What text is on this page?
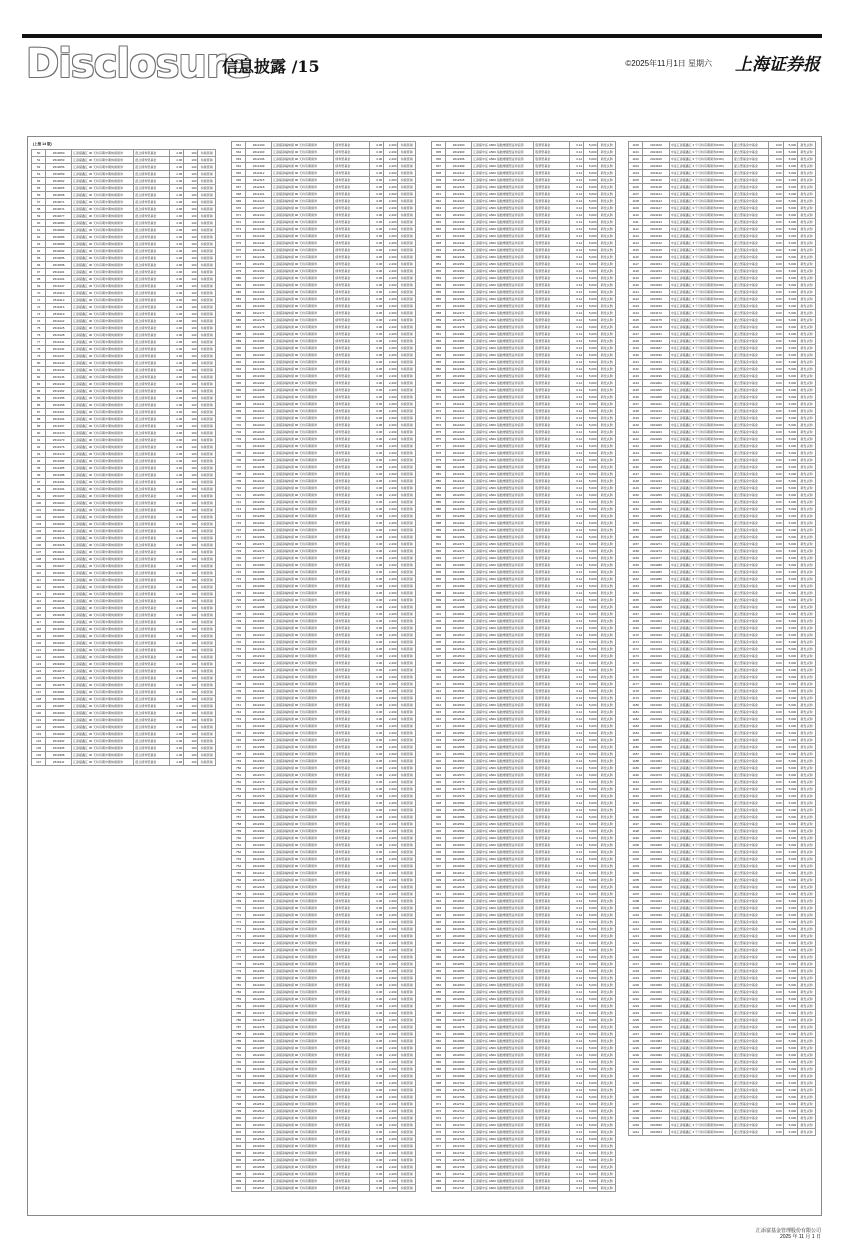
Disclosure
信息披露 /15	©2025年11月1日 星期六 上海证券报
(上接 14 版)
50	2519050	汇添富鑫汇 30 天持有期中期纯债债券	混合债券型基金	2.06	100	持续营销
51	2519053	汇添富鑫汇 30 天持有期中期纯债债券	混合债券型基金	2.06	100	持续营销
52	2519056	汇添富鑫汇 30 天持有期中期纯债债券	混合债券型基金	2.06	100	持续营销
53	2519059	汇添富鑫汇 30 天持有期中期纯债债券	混合债券型基金	2.06	100	持续营销
54	2519062	汇添富鑫汇 30 天持有期中期纯债债券	混合债券型基金	2.06	100	持续营销
55	2519065	汇添富鑫汇 30 天持有期中期纯债债券	混合债券型基金	2.06	100	持续营销
56	2519068	汇添富鑫汇 30 天持有期中期纯债债券	混合债券型基金	2.06	100	持续营销
57	2519071	汇添富鑫汇 30 天持有期中期纯债债券	混合债券型基金	2.06	100	持续营销
58	2519074	汇添富鑫汇 30 天持有期中期纯债债券	混合债券型基金	2.06	100	持续营销
59	2519077	汇添富鑫汇 30 天持有期中期纯债债券	混合债券型基金	2.06	100	持续营销
60	2519080	汇添富鑫汇 30 天持有期中期纯债债券	混合债券型基金	2.06	100	持续营销
61	2519083	汇添富鑫汇 30 天持有期中期纯债债券	混合债券型基金	2.06	100	持续营销
62	2519086	汇添富鑫汇 30 天持有期中期纯债债券	混合债券型基金	2.06	100	持续营销
63	2519089	汇添富鑫汇 30 天持有期中期纯债债券	混合债券型基金	2.06	100	持续营销
64	2519092	汇添富鑫汇 30 天持有期中期纯债债券	混合债券型基金	2.06	100	持续营销
65	2519095	汇添富鑫汇 30 天持有期中期纯债债券	混合债券型基金	2.06	100	持续营销
66	2519098	汇添富鑫汇 30 天持有期中期纯债债券	混合债券型基金	2.06	100	持续营销
67	2519101	汇添富鑫汇 30 天持有期中期纯债债券	混合债券型基金	2.06	100	持续营销
68	2519104	汇添富鑫汇 30 天持有期中期纯债债券	混合债券型基金	2.06	100	持续营销
69	2519107	汇添富鑫汇 30 天持有期中期纯债债券	混合债券型基金	2.06	100	持续营销
70	2519110	汇添富鑫汇 30 天持有期中期纯债债券	混合债券型基金	2.06	100	持续营销
71	2519113	汇添富鑫汇 30 天持有期中期纯债债券	混合债券型基金	2.06	100	持续营销
72	2519116	汇添富鑫汇 30 天持有期中期纯债债券	混合债券型基金	2.06	100	持续营销
73	2519119	汇添富鑫汇 30 天持有期中期纯债债券	混合债券型基金	2.06	100	持续营销
74	2519122	汇添富鑫汇 30 天持有期中期纯债债券	混合债券型基金	2.06	100	持续营销
75	2519125	汇添富鑫汇 30 天持有期中期纯债债券	混合债券型基金	2.06	100	持续营销
76	2519128	汇添富鑫汇 30 天持有期中期纯债债券	混合债券型基金	2.06	100	持续营销
77	2519131	汇添富鑫汇 30 天持有期中期纯债债券	混合债券型基金	2.06	100	持续营销
78	2519134	汇添富鑫汇 30 天持有期中期纯债债券	混合债券型基金	2.06	100	持续营销
79	2519137	汇添富鑫汇 30 天持有期中期纯债债券	混合债券型基金	2.06	100	持续营销
80	2519140	汇添富鑫汇 30 天持有期中期纯债债券	混合债券型基金	2.06	100	持续营销
81	2519143	汇添富鑫汇 30 天持有期中期纯债债券	混合债券型基金	2.06	100	持续营销
82	2519146	汇添富鑫汇 30 天持有期中期纯债债券	混合债券型基金	2.06	100	持续营销
83	2519149	汇添富鑫汇 30 天持有期中期纯债债券	混合债券型基金	2.06	100	持续营销
84	2519152	汇添富鑫汇 30 天持有期中期纯债债券	混合债券型基金	2.06	100	持续营销
85	2519155	汇添富鑫汇 30 天持有期中期纯债债券	混合债券型基金	2.06	100	持续营销
86	2519158	汇添富鑫汇 30 天持有期中期纯债债券	混合债券型基金	2.06	100	持续营销
87	2519161	汇添富鑫汇 30 天持有期中期纯债债券	混合债券型基金	2.06	100	持续营销
88	2519164	汇添富鑫汇 30 天持有期中期纯债债券	混合债券型基金	2.06	100	持续营销
89	2519167	汇添富鑫汇 30 天持有期中期纯债债券	混合债券型基金	2.06	100	持续营销
90	2519170	汇添富鑫汇 30 天持有期中期纯债债券	混合债券型基金	2.06	100	持续营销
91	2519173	汇添富鑫汇 30 天持有期中期纯债债券	混合债券型基金	2.06	100	持续营销
92	2519176	汇添富鑫汇 30 天持有期中期纯债债券	混合债券型基金	2.06	100	持续营销
93	2519179	汇添富鑫汇 30 天持有期中期纯债债券	混合债券型基金	2.06	100	持续营销
94	2519182	汇添富鑫汇 30 天持有期中期纯债债券	混合债券型基金	2.06	100	持续营销
95	2519185	汇添富鑫汇 30 天持有期中期纯债债券	混合债券型基金	2.06	100	持续营销
96	2519188	汇添富鑫汇 30 天持有期中期纯债债券	混合债券型基金	2.06	100	持续营销
97	2519191	汇添富鑫汇 30 天持有期中期纯债债券	混合债券型基金	2.06	100	持续营销
98	2519194	汇添富鑫汇 30 天持有期中期纯债债券	混合债券型基金	2.06	100	持续营销
99	2519197	汇添富鑫汇 30 天持有期中期纯债债券	混合债券型基金	2.06	100	持续营销
100	2519200	汇添富鑫汇 30 天持有期中期纯债债券	混合债券型基金	2.06	100	持续营销
101	2519203	汇添富鑫汇 30 天持有期中期纯债债券	混合债券型基金	2.06	100	持续营销
102	2519206	汇添富鑫汇 30 天持有期中期纯债债券	混合债券型基金	2.06	100	持续营销
103	2519209	汇添富鑫汇 30 天持有期中期纯债债券	混合债券型基金	2.06	100	持续营销
104	2519212	汇添富鑫汇 30 天持有期中期纯债债券	混合债券型基金	2.06	100	持续营销
105	2519215	汇添富鑫汇 30 天持有期中期纯债债券	混合债券型基金	2.06	100	持续营销
106	2519218	汇添富鑫汇 30 天持有期中期纯债债券	混合债券型基金	2.06	100	持续营销
107	2519221	汇添富鑫汇 30 天持有期中期纯债债券	混合债券型基金	2.06	100	持续营销
108	2519224	汇添富鑫汇 30 天持有期中期纯债债券	混合债券型基金	2.06	100	持续营销
109	2519227	汇添富鑫汇 30 天持有期中期纯债债券	混合债券型基金	2.06	100	持续营销
110	2519230	汇添富鑫汇 30 天持有期中期纯债债券	混合债券型基金	2.06	100	持续营销
111	2519233	汇添富鑫汇 30 天持有期中期纯债债券	混合债券型基金	2.06	100	持续营销
112	2519236	汇添富鑫汇 30 天持有期中期纯债债券	混合债券型基金	2.06	100	持续营销
113	2519239	汇添富鑫汇 30 天持有期中期纯债债券	混合债券型基金	2.06	100	持续营销
114	2519242	汇添富鑫汇 30 天持有期中期纯债债券	混合债券型基金	2.06	100	持续营销
115	2519245	汇添富鑫汇 30 天持有期中期纯债债券	混合债券型基金	2.06	100	持续营销
116	2519248	汇添富鑫汇 30 天持有期中期纯债债券	混合债券型基金	2.06	100	持续营销
117	2519251	汇添富鑫汇 30 天持有期中期纯债债券	混合债券型基金	2.06	100	持续营销
118	2519254	汇添富鑫汇 30 天持有期中期纯债债券	混合债券型基金	2.06	100	持续营销
119	2519257	汇添富鑫汇 30 天持有期中期纯债债券	混合债券型基金	2.06	100	持续营销
120	2519260	汇添富鑫汇 30 天持有期中期纯债债券	混合债券型基金	2.06	100	持续营销
121	2519263	汇添富鑫汇 30 天持有期中期纯债债券	混合债券型基金	2.06	100	持续营销
122	2519266	汇添富鑫汇 30 天持有期中期纯债债券	混合债券型基金	2.06	100	持续营销
123	2519269	汇添富鑫汇 30 天持有期中期纯债债券	混合债券型基金	2.06	100	持续营销
124	2519272	汇添富鑫汇 30 天持有期中期纯债债券	混合债券型基金	2.06	100	持续营销
125	2519275	汇添富鑫汇 30 天持有期中期纯债债券	混合债券型基金	2.06	100	持续营销
126	2519278	汇添富鑫汇 30 天持有期中期纯债债券	混合债券型基金	2.06	100	持续营销
127	2519281	汇添富鑫汇 30 天持有期中期纯债债券	混合债券型基金	2.06	100	持续营销
128	2519284	汇添富鑫汇 30 天持有期中期纯债债券	混合债券型基金	2.06	100	持续营销
129	2519287	汇添富鑫汇 30 天持有期中期纯债债券	混合债券型基金	2.06	100	持续营销
130	2519290	汇添富鑫汇 30 天持有期中期纯债债券	混合债券型基金	2.06	100	持续营销
131	2519293	汇添富鑫汇 30 天持有期中期纯债债券	混合债券型基金	2.06	100	持续营销
132	2519296	汇添富鑫汇 30 天持有期中期纯债债券	混合债券型基金	2.06	100	持续营销
133	2519299	汇添富鑫汇 30 天持有期中期纯债债券	混合债券型基金	2.06	100	持续营销
134	2519302	汇添富鑫汇 30 天持有期中期纯债债券	混合债券型基金	2.06	100	持续营销
135	2519305	汇添富鑫汇 30 天持有期中期纯债债券	混合债券型基金	2.06	100	持续营销
136	2519308	汇添富鑫汇 30 天持有期中期纯债债券	混合债券型基金	2.06	100	持续营销
137	2519311	汇添富鑫汇 30 天持有期中期纯债债券	混合债券型基金	2.06	100	持续营销
661	2612100	汇添富添福纯债 90 天持有期债券	债券型基金	0.06	2,400	持续营销
662	2612103	汇添富添福纯债 90 天持有期债券	债券型基金	0.06	2,400	持续营销
663	2612106	汇添富添福纯债 90 天持有期债券	债券型基金	0.06	2,400	持续营销
664	2612109	汇添富添福纯债 90 天持有期债券	债券型基金	0.06	2,400	持续营销
665	2612112	汇添富添福纯债 90 天持有期债券	债券型基金	0.06	2,400	持续营销
666	2612115	汇添富添福纯债 90 天持有期债券	债券型基金	0.06	2,400	持续营销
667	2612118	汇添富添福纯债 90 天持有期债券	债券型基金	0.06	2,400	持续营销
668	2612121	汇添富添福纯债 90 天持有期债券	债券型基金	0.06	2,400	持续营销
669	2612124	汇添富添福纯债 90 天持有期债券	债券型基金	0.06	2,400	持续营销
670	2612127	汇添富添福纯债 90 天持有期债券	债券型基金	0.06	2,400	持续营销
671	2612130	汇添富添福纯债 90 天持有期债券	债券型基金	0.06	2,400	持续营销
672	2612133	汇添富添福纯债 90 天持有期债券	债券型基金	0.06	2,400	持续营销
673	2612136	汇添富添福纯债 90 天持有期债券	债券型基金	0.06	2,400	持续营销
674	2612139	汇添富添福纯债 90 天持有期债券	债券型基金	0.06	2,400	持续营销
675	2612142	汇添富添福纯债 90 天持有期债券	债券型基金	0.06	2,400	持续营销
676	2612145	汇添富添福纯债 90 天持有期债券	债券型基金	0.06	2,400	持续营销
677	2612148	汇添富添福纯债 90 天持有期债券	债券型基金	0.06	2,400	持续营销
678	2612151	汇添富添福纯债 90 天持有期债券	债券型基金	0.06	2,400	持续营销
679	2612154	汇添富添福纯债 90 天持有期债券	债券型基金	0.06	2,400	持续营销
680	2612157	汇添富添福纯债 90 天持有期债券	债券型基金	0.06	2,400	持续营销
681	2612160	汇添富添福纯债 90 天持有期债券	债券型基金	0.06	2,400	持续营销
682	2612163	汇添富添福纯债 90 天持有期债券	债券型基金	0.06	2,400	持续营销
683	2612166	汇添富添福纯债 90 天持有期债券	债券型基金	0.06	2,400	持续营销
684	2612169	汇添富添福纯债 90 天持有期债券	债券型基金	0.06	2,400	持续营销
685	2612172	汇添富添福纯债 90 天持有期债券	债券型基金	0.06	2,400	持续营销
686	2612175	汇添富添福纯债 90 天持有期债券	债券型基金	0.06	2,400	持续营销
687	2612178	汇添富添福纯债 90 天持有期债券	债券型基金	0.06	2,400	持续营销
688	2612181	汇添富添福纯债 90 天持有期债券	债券型基金	0.06	2,400	持续营销
689	2612184	汇添富添福纯债 90 天持有期债券	债券型基金	0.06	2,400	持续营销
690	2612187	汇添富添福纯债 90 天持有期债券	债券型基金	0.06	2,400	持续营销
691	2612190	汇添富添福纯债 90 天持有期债券	债券型基金	0.06	2,400	持续营销
692	2612193	汇添富添福纯债 90 天持有期债券	债券型基金	0.06	2,400	持续营销
693	2612196	汇添富添福纯债 90 天持有期债券	债券型基金	0.06	2,400	持续营销
694	2612199	汇添富添福纯债 90 天持有期债券	债券型基金	0.06	2,400	持续营销
695	2612202	汇添富添福纯债 90 天持有期债券	债券型基金	0.06	2,400	持续营销
696	2612205	汇添富添福纯债 90 天持有期债券	债券型基金	0.06	2,400	持续营销
697	2612208	汇添富添福纯债 90 天持有期债券	债券型基金	0.06	2,400	持续营销
698	2612211	汇添富添福纯债 90 天持有期债券	债券型基金	0.06	2,400	持续营销
699	2612214	汇添富添福纯债 90 天持有期债券	债券型基金	0.06	2,400	持续营销
700	2612217	汇添富添福纯债 90 天持有期债券	债券型基金	0.06	2,400	持续营销
701	2612220	汇添富添福纯债 90 天持有期债券	债券型基金	0.06	2,400	持续营销
702	2612223	汇添富添福纯债 90 天持有期债券	债券型基金	0.06	2,400	持续营销
703	2612226	汇添富添福纯债 90 天持有期债券	债券型基金	0.06	2,400	持续营销
704	2612229	汇添富添福纯债 90 天持有期债券	债券型基金	0.06	2,400	持续营销
705	2612232	汇添富添福纯债 90 天持有期债券	债券型基金	0.06	2,400	持续营销
706	2612235	汇添富添福纯债 90 天持有期债券	债券型基金	0.06	2,400	持续营销
707	2612238	汇添富添福纯债 90 天持有期债券	债券型基金	0.06	2,400	持续营销
708	2612241	汇添富添福纯债 90 天持有期债券	债券型基金	0.06	2,400	持续营销
709	2612244	汇添富添福纯债 90 天持有期债券	债券型基金	0.06	2,400	持续营销
710	2612247	汇添富添福纯债 90 天持有期债券	债券型基金	0.06	2,400	持续营销
711	2612250	汇添富添福纯债 90 天持有期债券	债券型基金	0.06	2,400	持续营销
712	2612253	汇添富添福纯债 90 天持有期债券	债券型基金	0.06	2,400	持续营销
713	2612256	汇添富添福纯债 90 天持有期债券	债券型基金	0.06	2,400	持续营销
714	2612259	汇添富添福纯债 90 天持有期债券	债券型基金	0.06	2,400	持续营销
715	2612262	汇添富添福纯债 90 天持有期债券	债券型基金	0.06	2,400	持续营销
716	2612265	汇添富添福纯债 90 天持有期债券	债券型基金	0.06	2,400	持续营销
717	2612268	汇添富添福纯债 90 天持有期债券	债券型基金	0.06	2,400	持续营销
718	2612271	汇添富添福纯债 90 天持有期债券	债券型基金	0.06	2,400	持续营销
719	2612274	汇添富添福纯债 90 天持有期债券	债券型基金	0.06	2,400	持续营销
720	2612277	汇添富添福纯债 90 天持有期债券	债券型基金	0.06	2,400	持续营销
721	2612280	汇添富添福纯债 90 天持有期债券	债券型基金	0.06	2,400	持续营销
722	2612283	汇添富添福纯债 90 天持有期债券	债券型基金	0.06	2,400	持续营销
723	2612286	汇添富添福纯债 90 天持有期债券	债券型基金	0.06	2,400	持续营销
724	2612289	汇添富添福纯债 90 天持有期债券	债券型基金	0.06	2,400	持续营销
725	2612292	汇添富添福纯债 90 天持有期债券	债券型基金	0.06	2,400	持续营销
726	2612295	汇添富添福纯债 90 天持有期债券	债券型基金	0.06	2,400	持续营销
727	2612298	汇添富添福纯债 90 天持有期债券	债券型基金	0.06	2,400	持续营销
728	2612301	汇添富添福纯债 90 天持有期债券	债券型基金	0.06	2,400	持续营销
729	2612304	汇添富添福纯债 90 天持有期债券	债券型基金	0.06	2,400	持续营销
730	2612307	汇添富添福纯债 90 天持有期债券	债券型基金	0.06	2,400	持续营销
731	2612310	汇添富添福纯债 90 天持有期债券	债券型基金	0.06	2,400	持续营销
732	2612313	汇添富添福纯债 90 天持有期债券	债券型基金	0.06	2,400	持续营销
733	2612316	汇添富添福纯债 90 天持有期债券	债券型基金	0.06	2,400	持续营销
734	2612319	汇添富添福纯债 90 天持有期债券	债券型基金	0.06	2,400	持续营销
735	2612322	汇添富添福纯债 90 天持有期债券	债券型基金	0.06	2,400	持续营销
736	2612325	汇添富添福纯债 90 天持有期债券	债券型基金	0.06	2,400	持续营销
737	2612328	汇添富添福纯债 90 天持有期债券	债券型基金	0.06	2,400	持续营销
738	2612331	汇添富添福纯债 90 天持有期债券	债券型基金	0.06	2,400	持续营销
739	2612334	汇添富添福纯债 90 天持有期债券	债券型基金	0.06	2,400	持续营销
740	2612337	汇添富添福纯债 90 天持有期债券	债券型基金	0.06	2,400	持续营销
741	2612340	汇添富添福纯债 90 天持有期债券	债券型基金	0.06	2,400	持续营销
742	2612343	汇添富添福纯债 90 天持有期债券	债券型基金	0.06	2,400	持续营销
743	2612346	汇添富添福纯债 90 天持有期债券	债券型基金	0.06	2,400	持续营销
744	2612349	汇添富添福纯债 90 天持有期债券	债券型基金	0.06	2,400	持续营销
745	2612352	汇添富添福纯债 90 天持有期债券	债券型基金	0.06	2,400	持续营销
746	2612355	汇添富添福纯债 90 天持有期债券	债券型基金	0.06	2,400	持续营销
747	2612358	汇添富添福纯债 90 天持有期债券	债券型基金	0.06	2,400	持续营销
748	2612361	汇添富添福纯债 90 天持有期债券	债券型基金	0.06	2,400	持续营销
749	2612364	汇添富添福纯债 90 天持有期债券	债券型基金	0.06	2,400	持续营销
750	2612367	汇添富添福纯债 90 天持有期债券	债券型基金	0.06	2,400	持续营销
751	2612370	汇添富添福纯债 90 天持有期债券	债券型基金	0.06	2,400	持续营销
752	2612373	汇添富添福纯债 90 天持有期债券	债券型基金	0.06	2,400	持续营销
753	2612376	汇添富添福纯债 90 天持有期债券	债券型基金	0.06	2,400	持续营销
754	2612379	汇添富添福纯债 90 天持有期债券	债券型基金	0.06	2,400	持续营销
755	2612382	汇添富添福纯债 90 天持有期债券	债券型基金	0.06	2,400	持续营销
756	2612385	汇添富添福纯债 90 天持有期债券	债券型基金	0.06	2,400	持续营销
757	2612388	汇添富添福纯债 90 天持有期债券	债券型基金	0.06	2,400	持续营销
758	2612391	汇添富添福纯债 90 天持有期债券	债券型基金	0.06	2,400	持续营销
759	2612394	汇添富添福纯债 90 天持有期债券	债券型基金	0.06	2,400	持续营销
760	2612397	汇添富添福纯债 90 天持有期债券	债券型基金	0.06	2,400	持续营销
761	2612400	汇添富添福纯债 90 天持有期债券	债券型基金	0.06	2,400	持续营销
762	2612403	汇添富添福纯债 90 天持有期债券	债券型基金	0.06	2,400	持续营销
763	2612406	汇添富添福纯债 90 天持有期债券	债券型基金	0.06	2,400	持续营销
764	2612409	汇添富添福纯债 90 天持有期债券	债券型基金	0.06	2,400	持续营销
765	2612412	汇添富添福纯债 90 天持有期债券	债券型基金	0.06	2,400	持续营销
766	2612415	汇添富添福纯债 90 天持有期债券	债券型基金	0.06	2,400	持续营销
767	2612418	汇添富添福纯债 90 天持有期债券	债券型基金	0.06	2,400	持续营销
768	2612421	汇添富添福纯债 90 天持有期债券	债券型基金	0.06	2,400	持续营销
769	2612424	汇添富添福纯债 90 天持有期债券	债券型基金	0.06	2,400	持续营销
770	2612427	汇添富添福纯债 90 天持有期债券	债券型基金	0.06	2,400	持续营销
771	2612430	汇添富添福纯债 90 天持有期债券	债券型基金	0.06	2,400	持续营销
772	2612433	汇添富添福纯债 90 天持有期债券	债券型基金	0.06	2,400	持续营销
773	2612436	汇添富添福纯债 90 天持有期债券	债券型基金	0.06	2,400	持续营销
774	2612439	汇添富添福纯债 90 天持有期债券	债券型基金	0.06	2,400	持续营销
775	2612442	汇添富添福纯债 90 天持有期债券	债券型基金	0.06	2,400	持续营销
776	2612445	汇添富添福纯债 90 天持有期债券	债券型基金	0.06	2,400	持续营销
777	2612448	汇添富添福纯债 90 天持有期债券	债券型基金	0.06	2,400	持续营销
778	2612451	汇添富添福纯债 90 天持有期债券	债券型基金	0.06	2,400	持续营销
779	2612454	汇添富添福纯债 90 天持有期债券	债券型基金	0.06	2,400	持续营销
780	2612457	汇添富添福纯债 90 天持有期债券	债券型基金	0.06	2,400	持续营销
781	2612460	汇添富添福纯债 90 天持有期债券	债券型基金	0.06	2,400	持续营销
782	2612463	汇添富添福纯债 90 天持有期债券	债券型基金	0.06	2,400	持续营销
783	2612466	汇添富添福纯债 90 天持有期债券	债券型基金	0.06	2,400	持续营销
784	2612469	汇添富添福纯债 90 天持有期债券	债券型基金	0.06	2,400	持续营销
785	2612472	汇添富添福纯债 90 天持有期债券	债券型基金	0.06	2,400	持续营销
786	2612475	汇添富添福纯债 90 天持有期债券	债券型基金	0.06	2,400	持续营销
787	2612478	汇添富添福纯债 90 天持有期债券	债券型基金	0.06	2,400	持续营销
788	2612481	汇添富添福纯债 90 天持有期债券	债券型基金	0.06	2,400	持续营销
789	2612484	汇添富添福纯债 90 天持有期债券	债券型基金	0.06	2,400	持续营销
790	2612487	汇添富添福纯债 90 天持有期债券	债券型基金	0.06	2,400	持续营销
791	2612490	汇添富添福纯债 90 天持有期债券	债券型基金	0.06	2,400	持续营销
792	2612493	汇添富添福纯债 90 天持有期债券	债券型基金	0.06	2,400	持续营销
793	2612496	汇添富添福纯债 90 天持有期债券	债券型基金	0.06	2,400	持续营销
794	2612499	汇添富添福纯债 90 天持有期债券	债券型基金	0.06	2,400	持续营销
795	2612502	汇添富添福纯债 90 天持有期债券	债券型基金	0.06	2,400	持续营销
796	2612505	汇添富添福纯债 90 天持有期债券	债券型基金	0.06	2,400	持续营销
797	2612508	汇添富添福纯债 90 天持有期债券	债券型基金	0.06	2,400	持续营销
798	2612511	汇添富添福纯债 90 天持有期债券	债券型基金	0.06	2,400	持续营销
799	2612514	汇添富添福纯债 90 天持有期债券	债券型基金	0.06	2,400	持续营销
800	2612517	汇添富添福纯债 90 天持有期债券	债券型基金	0.06	2,400	持续营销
801	2612520	汇添富添福纯债 90 天持有期债券	债券型基金	0.06	2,400	持续营销
802	2612523	汇添富添福纯债 90 天持有期债券	债券型基金	0.06	2,400	持续营销
803	2612526	汇添富添福纯债 90 天持有期债券	债券型基金	0.06	2,400	持续营销
804	2612529	汇添富添福纯债 90 天持有期债券	债券型基金	0.06	2,400	持续营销
805	2612532	汇添富添福纯债 90 天持有期债券	债券型基金	0.06	2,400	持续营销
806	2612535	汇添富添福纯债 90 天持有期债券	债券型基金	0.06	2,400	持续营销
807	2612538	汇添富添福纯债 90 天持有期债券	债券型基金	0.06	2,400	持续营销
808	2612541	汇添富添福纯债 90 天持有期债券	债券型基金	0.06	2,400	持续营销
809	2612544	汇添富添福纯债 90 天持有期债券	债券型基金	0.06	2,400	持续营销
810	2612547	汇添富添福纯债 90 天持有期债券	债券型基金	0.06	2,400	持续营销
834	2612300	汇添富中证 A500 指数增强型证券投资	股票型基金	0.12	5,000	新发认购
835	2612303	汇添富中证 A500 指数增强型证券投资	股票型基金	0.12	5,000	新发认购
836	2612306	汇添富中证 A500 指数增强型证券投资	股票型基金	0.12	5,000	新发认购
837	2612309	汇添富中证 A500 指数增强型证券投资	股票型基金	0.12	5,000	新发认购
838	2612312	汇添富中证 A500 指数增强型证券投资	股票型基金	0.12	5,000	新发认购
839	2612315	汇添富中证 A500 指数增强型证券投资	股票型基金	0.12	5,000	新发认购
840	2612318	汇添富中证 A500 指数增强型证券投资	股票型基金	0.12	5,000	新发认购
841	2612321	汇添富中证 A500 指数增强型证券投资	股票型基金	0.12	5,000	新发认购
842	2612324	汇添富中证 A500 指数增强型证券投资	股票型基金	0.12	5,000	新发认购
843	2612327	汇添富中证 A500 指数增强型证券投资	股票型基金	0.12	5,000	新发认购
844	2612330	汇添富中证 A500 指数增强型证券投资	股票型基金	0.12	5,000	新发认购
845	2612333	汇添富中证 A500 指数增强型证券投资	股票型基金	0.12	5,000	新发认购
846	2612336	汇添富中证 A500 指数增强型证券投资	股票型基金	0.12	5,000	新发认购
847	2612339	汇添富中证 A500 指数增强型证券投资	股票型基金	0.12	5,000	新发认购
848	2612342	汇添富中证 A500 指数增强型证券投资	股票型基金	0.12	5,000	新发认购
849	2612345	汇添富中证 A500 指数增强型证券投资	股票型基金	0.12	5,000	新发认购
850	2612348	汇添富中证 A500 指数增强型证券投资	股票型基金	0.12	5,000	新发认购
851	2612351	汇添富中证 A500 指数增强型证券投资	股票型基金	0.12	5,000	新发认购
852	2612354	汇添富中证 A500 指数增强型证券投资	股票型基金	0.12	5,000	新发认购
853	2612357	汇添富中证 A500 指数增强型证券投资	股票型基金	0.12	5,000	新发认购
854	2612360	汇添富中证 A500 指数增强型证券投资	股票型基金	0.12	5,000	新发认购
855	2612363	汇添富中证 A500 指数增强型证券投资	股票型基金	0.12	5,000	新发认购
856	2612366	汇添富中证 A500 指数增强型证券投资	股票型基金	0.12	5,000	新发认购
857	2612369	汇添富中证 A500 指数增强型证券投资	股票型基金	0.12	5,000	新发认购
858	2612372	汇添富中证 A500 指数增强型证券投资	股票型基金	0.12	5,000	新发认购
859	2612375	汇添富中证 A500 指数增强型证券投资	股票型基金	0.12	5,000	新发认购
860	2612378	汇添富中证 A500 指数增强型证券投资	股票型基金	0.12	5,000	新发认购
861	2612381	汇添富中证 A500 指数增强型证券投资	股票型基金	0.12	5,000	新发认购
862	2612384	汇添富中证 A500 指数增强型证券投资	股票型基金	0.12	5,000	新发认购
863	2612387	汇添富中证 A500 指数增强型证券投资	股票型基金	0.12	5,000	新发认购
864	2612390	汇添富中证 A500 指数增强型证券投资	股票型基金	0.12	5,000	新发认购
865	2612393	汇添富中证 A500 指数增强型证券投资	股票型基金	0.12	5,000	新发认购
866	2612396	汇添富中证 A500 指数增强型证券投资	股票型基金	0.12	5,000	新发认购
867	2612399	汇添富中证 A500 指数增强型证券投资	股票型基金	0.12	5,000	新发认购
868	2612402	汇添富中证 A500 指数增强型证券投资	股票型基金	0.12	5,000	新发认购
869	2612405	汇添富中证 A500 指数增强型证券投资	股票型基金	0.12	5,000	新发认购
870	2612408	汇添富中证 A500 指数增强型证券投资	股票型基金	0.12	5,000	新发认购
871	2612411	汇添富中证 A500 指数增强型证券投资	股票型基金	0.12	5,000	新发认购
872	2612414	汇添富中证 A500 指数增强型证券投资	股票型基金	0.12	5,000	新发认购
873	2612417	汇添富中证 A500 指数增强型证券投资	股票型基金	0.12	5,000	新发认购
874	2612420	汇添富中证 A500 指数增强型证券投资	股票型基金	0.12	5,000	新发认购
875	2612423	汇添富中证 A500 指数增强型证券投资	股票型基金	0.12	5,000	新发认购
876	2612426	汇添富中证 A500 指数增强型证券投资	股票型基金	0.12	5,000	新发认购
877	2612429	汇添富中证 A500 指数增强型证券投资	股票型基金	0.12	5,000	新发认购
878	2612432	汇添富中证 A500 指数增强型证券投资	股票型基金	0.12	5,000	新发认购
879	2612435	汇添富中证 A500 指数增强型证券投资	股票型基金	0.12	5,000	新发认购
880	2612438	汇添富中证 A500 指数增强型证券投资	股票型基金	0.12	5,000	新发认购
881	2612441	汇添富中证 A500 指数增强型证券投资	股票型基金	0.12	5,000	新发认购
882	2612444	汇添富中证 A500 指数增强型证券投资	股票型基金	0.12	5,000	新发认购
883	2612447	汇添富中证 A500 指数增强型证券投资	股票型基金	0.12	5,000	新发认购
884	2612450	汇添富中证 A500 指数增强型证券投资	股票型基金	0.12	5,000	新发认购
885	2612453	汇添富中证 A500 指数增强型证券投资	股票型基金	0.12	5,000	新发认购
886	2612456	汇添富中证 A500 指数增强型证券投资	股票型基金	0.12	5,000	新发认购
887	2612459	汇添富中证 A500 指数增强型证券投资	股票型基金	0.12	5,000	新发认购
888	2612462	汇添富中证 A500 指数增强型证券投资	股票型基金	0.12	5,000	新发认购
889	2612465	汇添富中证 A500 指数增强型证券投资	股票型基金	0.12	5,000	新发认购
890	2612468	汇添富中证 A500 指数增强型证券投资	股票型基金	0.12	5,000	新发认购
891	2612471	汇添富中证 A500 指数增强型证券投资	股票型基金	0.12	5,000	新发认购
892	2612474	汇添富中证 A500 指数增强型证券投资	股票型基金	0.12	5,000	新发认购
893	2612477	汇添富中证 A500 指数增强型证券投资	股票型基金	0.12	5,000	新发认购
894	2612480	汇添富中证 A500 指数增强型证券投资	股票型基金	0.12	5,000	新发认购
895	2612483	汇添富中证 A500 指数增强型证券投资	股票型基金	0.12	5,000	新发认购
896	2612486	汇添富中证 A500 指数增强型证券投资	股票型基金	0.12	5,000	新发认购
897	2612489	汇添富中证 A500 指数增强型证券投资	股票型基金	0.12	5,000	新发认购
898	2612492	汇添富中证 A500 指数增强型证券投资	股票型基金	0.12	5,000	新发认购
899	2612495	汇添富中证 A500 指数增强型证券投资	股票型基金	0.12	5,000	新发认购
900	2612498	汇添富中证 A500 指数增强型证券投资	股票型基金	0.12	5,000	新发认购
901	2612501	汇添富中证 A500 指数增强型证券投资	股票型基金	0.12	5,000	新发认购
902	2612504	汇添富中证 A500 指数增强型证券投资	股票型基金	0.12	5,000	新发认购
903	2612507	汇添富中证 A500 指数增强型证券投资	股票型基金	0.12	5,000	新发认购
904	2612510	汇添富中证 A500 指数增强型证券投资	股票型基金	0.12	5,000	新发认购
905	2612513	汇添富中证 A500 指数增强型证券投资	股票型基金	0.12	5,000	新发认购
906	2612516	汇添富中证 A500 指数增强型证券投资	股票型基金	0.12	5,000	新发认购
907	2612519	汇添富中证 A500 指数增强型证券投资	股票型基金	0.12	5,000	新发认购
908	2612522	汇添富中证 A500 指数增强型证券投资	股票型基金	0.12	5,000	新发认购
909	2612525	汇添富中证 A500 指数增强型证券投资	股票型基金	0.12	5,000	新发认购
910	2612528	汇添富中证 A500 指数增强型证券投资	股票型基金	0.12	5,000	新发认购
911	2612531	汇添富中证 A500 指数增强型证券投资	股票型基金	0.12	5,000	新发认购
912	2612534	汇添富中证 A500 指数增强型证券投资	股票型基金	0.12	5,000	新发认购
913	2612537	汇添富中证 A500 指数增强型证券投资	股票型基金	0.12	5,000	新发认购
914	2612540	汇添富中证 A500 指数增强型证券投资	股票型基金	0.12	5,000	新发认购
915	2612543	汇添富中证 A500 指数增强型证券投资	股票型基金	0.12	5,000	新发认购
916	2612546	汇添富中证 A500 指数增强型证券投资	股票型基金	0.12	5,000	新发认购
917	2612549	汇添富中证 A500 指数增强型证券投资	股票型基金	0.12	5,000	新发认购
918	2612552	汇添富中证 A500 指数增强型证券投资	股票型基金	0.12	5,000	新发认购
919	2612555	汇添富中证 A500 指数增强型证券投资	股票型基金	0.12	5,000	新发认购
920	2612558	汇添富中证 A500 指数增强型证券投资	股票型基金	0.12	5,000	新发认购
921	2612561	汇添富中证 A500 指数增强型证券投资	股票型基金	0.12	5,000	新发认购
922	2612564	汇添富中证 A500 指数增强型证券投资	股票型基金	0.12	5,000	新发认购
923	2612567	汇添富中证 A500 指数增强型证券投资	股票型基金	0.12	5,000	新发认购
924	2612570	汇添富中证 A500 指数增强型证券投资	股票型基金	0.12	5,000	新发认购
925	2612573	汇添富中证 A500 指数增强型证券投资	股票型基金	0.12	5,000	新发认购
926	2612576	汇添富中证 A500 指数增强型证券投资	股票型基金	0.12	5,000	新发认购
927	2612579	汇添富中证 A500 指数增强型证券投资	股票型基金	0.12	5,000	新发认购
928	2612582	汇添富中证 A500 指数增强型证券投资	股票型基金	0.12	5,000	新发认购
929	2612585	汇添富中证 A500 指数增强型证券投资	股票型基金	0.12	5,000	新发认购
930	2612588	汇添富中证 A500 指数增强型证券投资	股票型基金	0.12	5,000	新发认购
931	2612591	汇添富中证 A500 指数增强型证券投资	股票型基金	0.12	5,000	新发认购
932	2612594	汇添富中证 A500 指数增强型证券投资	股票型基金	0.12	5,000	新发认购
933	2612597	汇添富中证 A500 指数增强型证券投资	股票型基金	0.12	5,000	新发认购
934	2612600	汇添富中证 A500 指数增强型证券投资	股票型基金	0.12	5,000	新发认购
935	2612603	汇添富中证 A500 指数增强型证券投资	股票型基金	0.12	5,000	新发认购
936	2612606	汇添富中证 A500 指数增强型证券投资	股票型基金	0.12	5,000	新发认购
937	2612609	汇添富中证 A500 指数增强型证券投资	股票型基金	0.12	5,000	新发认购
938	2612612	汇添富中证 A500 指数增强型证券投资	股票型基金	0.12	5,000	新发认购
939	2612615	汇添富中证 A500 指数增强型证券投资	股票型基金	0.12	5,000	新发认购
940	2612618	汇添富中证 A500 指数增强型证券投资	股票型基金	0.12	5,000	新发认购
941	2612621	汇添富中证 A500 指数增强型证券投资	股票型基金	0.12	5,000	新发认购
942	2612624	汇添富中证 A500 指数增强型证券投资	股票型基金	0.12	5,000	新发认购
943	2612627	汇添富中证 A500 指数增强型证券投资	股票型基金	0.12	5,000	新发认购
944	2612630	汇添富中证 A500 指数增强型证券投资	股票型基金	0.12	5,000	新发认购
945	2612633	汇添富中证 A500 指数增强型证券投资	股票型基金	0.12	5,000	新发认购
946	2612636	汇添富中证 A500 指数增强型证券投资	股票型基金	0.12	5,000	新发认购
947	2612639	汇添富中证 A500 指数增强型证券投资	股票型基金	0.12	5,000	新发认购
948	2612642	汇添富中证 A500 指数增强型证券投资	股票型基金	0.12	5,000	新发认购
949	2612645	汇添富中证 A500 指数增强型证券投资	股票型基金	0.12	5,000	新发认购
950	2612648	汇添富中证 A500 指数增强型证券投资	股票型基金	0.12	5,000	新发认购
951	2612651	汇添富中证 A500 指数增强型证券投资	股票型基金	0.12	5,000	新发认购
952	2612654	汇添富中证 A500 指数增强型证券投资	股票型基金	0.12	5,000	新发认购
953	2612657	汇添富中证 A500 指数增强型证券投资	股票型基金	0.12	5,000	新发认购
954	2612660	汇添富中证 A500 指数增强型证券投资	股票型基金	0.12	5,000	新发认购
955	2612663	汇添富中证 A500 指数增强型证券投资	股票型基金	0.12	5,000	新发认购
956	2612666	汇添富中证 A500 指数增强型证券投资	股票型基金	0.12	5,000	新发认购
957	2612669	汇添富中证 A500 指数增强型证券投资	股票型基金	0.12	5,000	新发认购
958	2612672	汇添富中证 A500 指数增强型证券投资	股票型基金	0.12	5,000	新发认购
959	2612675	汇添富中证 A500 指数增强型证券投资	股票型基金	0.12	5,000	新发认购
960	2612678	汇添富中证 A500 指数增强型证券投资	股票型基金	0.12	5,000	新发认购
961	2612681	汇添富中证 A500 指数增强型证券投资	股票型基金	0.12	5,000	新发认购
962	2612684	汇添富中证 A500 指数增强型证券投资	股票型基金	0.12	5,000	新发认购
963	2612687	汇添富中证 A500 指数增强型证券投资	股票型基金	0.12	5,000	新发认购
964	2612690	汇添富中证 A500 指数增强型证券投资	股票型基金	0.12	5,000	新发认购
965	2612693	汇添富中证 A500 指数增强型证券投资	股票型基金	0.12	5,000	新发认购
966	2612696	汇添富中证 A500 指数增强型证券投资	股票型基金	0.12	5,000	新发认购
967	2612699	汇添富中证 A500 指数增强型证券投资	股票型基金	0.12	5,000	新发认购
968	2612702	汇添富中证 A500 指数增强型证券投资	股票型基金	0.12	5,000	新发认购
969	2612705	汇添富中证 A500 指数增强型证券投资	股票型基金	0.12	5,000	新发认购
970	2612708	汇添富中证 A500 指数增强型证券投资	股票型基金	0.12	5,000	新发认购
971	2612711	汇添富中证 A500 指数增强型证券投资	股票型基金	0.12	5,000	新发认购
972	2612714	汇添富中证 A500 指数增强型证券投资	股票型基金	0.12	5,000	新发认购
973	2612717	汇添富中证 A500 指数增强型证券投资	股票型基金	0.12	5,000	新发认购
974	2612720	汇添富中证 A500 指数增强型证券投资	股票型基金	0.12	5,000	新发认购
975	2612723	汇添富中证 A500 指数增强型证券投资	股票型基金	0.12	5,000	新发认购
976	2612726	汇添富中证 A500 指数增强型证券投资	股票型基金	0.12	5,000	新发认购
977	2612729	汇添富中证 A500 指数增强型证券投资	股票型基金	0.12	5,000	新发认购
978	2612732	汇添富中证 A500 指数增强型证券投资	股票型基金	0.12	5,000	新发认购
979	2612735	汇添富中证 A500 指数增强型证券投资	股票型基金	0.12	5,000	新发认购
980	2612738	汇添富中证 A500 指数增强型证券投资	股票型基金	0.12	5,000	新发认购
981	2612741	汇添富中证 A500 指数增强型证券投资	股票型基金	0.12	5,000	新发认购
982	2612744	汇添富中证 A500 指数增强型证券投资	股票型基金	0.12	5,000	新发认购
983	2612747	汇添富中证 A500 指数增强型证券投资	股票型基金	0.12	5,000	新发认购
1100	2913100	中证汇添富鑫汇 3 个月持有期债券(FOF)	混合型基金中基金	0.00	5,000	新发认购
1101	2913103	中证汇添富鑫汇 3 个月持有期债券(FOF)	混合型基金中基金	0.00	5,000	新发认购
1102	2913106	中证汇添富鑫汇 3 个月持有期债券(FOF)	混合型基金中基金	0.00	5,000	新发认购
1103	2913109	中证汇添富鑫汇 3 个月持有期债券(FOF)	混合型基金中基金	0.00	5,000	新发认购
1104	2913112	中证汇添富鑫汇 3 个月持有期债券(FOF)	混合型基金中基金	0.00	5,000	新发认购
1105	2913115	中证汇添富鑫汇 3 个月持有期债券(FOF)	混合型基金中基金	0.00	5,000	新发认购
1106	2913118	中证汇添富鑫汇 3 个月持有期债券(FOF)	混合型基金中基金	0.00	5,000	新发认购
1107	2913121	中证汇添富鑫汇 3 个月持有期债券(FOF)	混合型基金中基金	0.00	5,000	新发认购
1108	2913124	中证汇添富鑫汇 3 个月持有期债券(FOF)	混合型基金中基金	0.00	5,000	新发认购
1109	2913127	中证汇添富鑫汇 3 个月持有期债券(FOF)	混合型基金中基金	0.00	5,000	新发认购
1110	2913130	中证汇添富鑫汇 3 个月持有期债券(FOF)	混合型基金中基金	0.00	5,000	新发认购
1111	2913133	中证汇添富鑫汇 3 个月持有期债券(FOF)	混合型基金中基金	0.00	5,000	新发认购
1112	2913136	中证汇添富鑫汇 3 个月持有期债券(FOF)	混合型基金中基金	0.00	5,000	新发认购
1113	2913139	中证汇添富鑫汇 3 个月持有期债券(FOF)	混合型基金中基金	0.00	5,000	新发认购
1114	2913142	中证汇添富鑫汇 3 个月持有期债券(FOF)	混合型基金中基金	0.00	5,000	新发认购
1115	2913145	中证汇添富鑫汇 3 个月持有期债券(FOF)	混合型基金中基金	0.00	5,000	新发认购
1116	2913148	中证汇添富鑫汇 3 个月持有期债券(FOF)	混合型基金中基金	0.00	5,000	新发认购
1117	2913151	中证汇添富鑫汇 3 个月持有期债券(FOF)	混合型基金中基金	0.00	5,000	新发认购
1118	2913154	中证汇添富鑫汇 3 个月持有期债券(FOF)	混合型基金中基金	0.00	5,000	新发认购
1119	2913157	中证汇添富鑫汇 3 个月持有期债券(FOF)	混合型基金中基金	0.00	5,000	新发认购
1120	2913160	中证汇添富鑫汇 3 个月持有期债券(FOF)	混合型基金中基金	0.00	5,000	新发认购
1121	2913163	中证汇添富鑫汇 3 个月持有期债券(FOF)	混合型基金中基金	0.00	5,000	新发认购
1122	2913166	中证汇添富鑫汇 3 个月持有期债券(FOF)	混合型基金中基金	0.00	5,000	新发认购
1123	2913169	中证汇添富鑫汇 3 个月持有期债券(FOF)	混合型基金中基金	0.00	5,000	新发认购
1124	2913172	中证汇添富鑫汇 3 个月持有期债券(FOF)	混合型基金中基金	0.00	5,000	新发认购
1125	2913175	中证汇添富鑫汇 3 个月持有期债券(FOF)	混合型基金中基金	0.00	5,000	新发认购
1126	2913178	中证汇添富鑫汇 3 个月持有期债券(FOF)	混合型基金中基金	0.00	5,000	新发认购
1127	2913181	中证汇添富鑫汇 3 个月持有期债券(FOF)	混合型基金中基金	0.00	5,000	新发认购
1128	2913184	中证汇添富鑫汇 3 个月持有期债券(FOF)	混合型基金中基金	0.00	5,000	新发认购
1129	2913187	中证汇添富鑫汇 3 个月持有期债券(FOF)	混合型基金中基金	0.00	5,000	新发认购
1130	2913190	中证汇添富鑫汇 3 个月持有期债券(FOF)	混合型基金中基金	0.00	5,000	新发认购
1131	2913193	中证汇添富鑫汇 3 个月持有期债券(FOF)	混合型基金中基金	0.00	5,000	新发认购
1132	2913196	中证汇添富鑫汇 3 个月持有期债券(FOF)	混合型基金中基金	0.00	5,000	新发认购
1133	2913199	中证汇添富鑫汇 3 个月持有期债券(FOF)	混合型基金中基金	0.00	5,000	新发认购
1134	2913202	中证汇添富鑫汇 3 个月持有期债券(FOF)	混合型基金中基金	0.00	5,000	新发认购
1135	2913205	中证汇添富鑫汇 3 个月持有期债券(FOF)	混合型基金中基金	0.00	5,000	新发认购
1136	2913208	中证汇添富鑫汇 3 个月持有期债券(FOF)	混合型基金中基金	0.00	5,000	新发认购
1137	2913211	中证汇添富鑫汇 3 个月持有期债券(FOF)	混合型基金中基金	0.00	5,000	新发认购
1138	2913214	中证汇添富鑫汇 3 个月持有期债券(FOF)	混合型基金中基金	0.00	5,000	新发认购
1139	2913217	中证汇添富鑫汇 3 个月持有期债券(FOF)	混合型基金中基金	0.00	5,000	新发认购
1140	2913220	中证汇添富鑫汇 3 个月持有期债券(FOF)	混合型基金中基金	0.00	5,000	新发认购
1141	2913223	中证汇添富鑫汇 3 个月持有期债券(FOF)	混合型基金中基金	0.00	5,000	新发认购
1142	2913226	中证汇添富鑫汇 3 个月持有期债券(FOF)	混合型基金中基金	0.00	5,000	新发认购
1143	2913229	中证汇添富鑫汇 3 个月持有期债券(FOF)	混合型基金中基金	0.00	5,000	新发认购
1144	2913232	中证汇添富鑫汇 3 个月持有期债券(FOF)	混合型基金中基金	0.00	5,000	新发认购
1145	2913235	中证汇添富鑫汇 3 个月持有期债券(FOF)	混合型基金中基金	0.00	5,000	新发认购
1146	2913238	中证汇添富鑫汇 3 个月持有期债券(FOF)	混合型基金中基金	0.00	5,000	新发认购
1147	2913241	中证汇添富鑫汇 3 个月持有期债券(FOF)	混合型基金中基金	0.00	5,000	新发认购
1148	2913244	中证汇添富鑫汇 3 个月持有期债券(FOF)	混合型基金中基金	0.00	5,000	新发认购
1149	2913247	中证汇添富鑫汇 3 个月持有期债券(FOF)	混合型基金中基金	0.00	5,000	新发认购
1150	2913250	中证汇添富鑫汇 3 个月持有期债券(FOF)	混合型基金中基金	0.00	5,000	新发认购
1151	2913253	中证汇添富鑫汇 3 个月持有期债券(FOF)	混合型基金中基金	0.00	5,000	新发认购
1152	2913256	中证汇添富鑫汇 3 个月持有期债券(FOF)	混合型基金中基金	0.00	5,000	新发认购
1153	2913259	中证汇添富鑫汇 3 个月持有期债券(FOF)	混合型基金中基金	0.00	5,000	新发认购
1154	2913262	中证汇添富鑫汇 3 个月持有期债券(FOF)	混合型基金中基金	0.00	5,000	新发认购
1155	2913265	中证汇添富鑫汇 3 个月持有期债券(FOF)	混合型基金中基金	0.00	5,000	新发认购
1156	2913268	中证汇添富鑫汇 3 个月持有期债券(FOF)	混合型基金中基金	0.00	5,000	新发认购
1157	2913271	中证汇添富鑫汇 3 个月持有期债券(FOF)	混合型基金中基金	0.00	5,000	新发认购
1158	2913274	中证汇添富鑫汇 3 个月持有期债券(FOF)	混合型基金中基金	0.00	5,000	新发认购
1159	2913277	中证汇添富鑫汇 3 个月持有期债券(FOF)	混合型基金中基金	0.00	5,000	新发认购
1160	2913280	中证汇添富鑫汇 3 个月持有期债券(FOF)	混合型基金中基金	0.00	5,000	新发认购
1161	2913283	中证汇添富鑫汇 3 个月持有期债券(FOF)	混合型基金中基金	0.00	5,000	新发认购
1162	2913286	中证汇添富鑫汇 3 个月持有期债券(FOF)	混合型基金中基金	0.00	5,000	新发认购
1163	2913289	中证汇添富鑫汇 3 个月持有期债券(FOF)	混合型基金中基金	0.00	5,000	新发认购
1164	2913292	中证汇添富鑫汇 3 个月持有期债券(FOF)	混合型基金中基金	0.00	5,000	新发认购
1165	2913295	中证汇添富鑫汇 3 个月持有期债券(FOF)	混合型基金中基金	0.00	5,000	新发认购
1166	2913298	中证汇添富鑫汇 3 个月持有期债券(FOF)	混合型基金中基金	0.00	5,000	新发认购
1167	2913301	中证汇添富鑫汇 3 个月持有期债券(FOF)	混合型基金中基金	0.00	5,000	新发认购
1168	2913304	中证汇添富鑫汇 3 个月持有期债券(FOF)	混合型基金中基金	0.00	5,000	新发认购
1169	2913307	中证汇添富鑫汇 3 个月持有期债券(FOF)	混合型基金中基金	0.00	5,000	新发认购
1170	2913310	中证汇添富鑫汇 3 个月持有期债券(FOF)	混合型基金中基金	0.00	5,000	新发认购
1171	2913313	中证汇添富鑫汇 3 个月持有期债券(FOF)	混合型基金中基金	0.00	5,000	新发认购
1172	2913316	中证汇添富鑫汇 3 个月持有期债券(FOF)	混合型基金中基金	0.00	5,000	新发认购
1173	2913319	中证汇添富鑫汇 3 个月持有期债券(FOF)	混合型基金中基金	0.00	5,000	新发认购
1174	2913322	中证汇添富鑫汇 3 个月持有期债券(FOF)	混合型基金中基金	0.00	5,000	新发认购
1175	2913325	中证汇添富鑫汇 3 个月持有期债券(FOF)	混合型基金中基金	0.00	5,000	新发认购
1176	2913328	中证汇添富鑫汇 3 个月持有期债券(FOF)	混合型基金中基金	0.00	5,000	新发认购
1177	2913331	中证汇添富鑫汇 3 个月持有期债券(FOF)	混合型基金中基金	0.00	5,000	新发认购
1178	2913334	中证汇添富鑫汇 3 个月持有期债券(FOF)	混合型基金中基金	0.00	5,000	新发认购
1179	2913337	中证汇添富鑫汇 3 个月持有期债券(FOF)	混合型基金中基金	0.00	5,000	新发认购
1180	2913340	中证汇添富鑫汇 3 个月持有期债券(FOF)	混合型基金中基金	0.00	5,000	新发认购
1181	2913343	中证汇添富鑫汇 3 个月持有期债券(FOF)	混合型基金中基金	0.00	5,000	新发认购
1182	2913346	中证汇添富鑫汇 3 个月持有期债券(FOF)	混合型基金中基金	0.00	5,000	新发认购
1183	2913349	中证汇添富鑫汇 3 个月持有期债券(FOF)	混合型基金中基金	0.00	5,000	新发认购
1184	2913352	中证汇添富鑫汇 3 个月持有期债券(FOF)	混合型基金中基金	0.00	5,000	新发认购
1185	2913355	中证汇添富鑫汇 3 个月持有期债券(FOF)	混合型基金中基金	0.00	5,000	新发认购
1186	2913358	中证汇添富鑫汇 3 个月持有期债券(FOF)	混合型基金中基金	0.00	5,000	新发认购
1187	2913361	中证汇添富鑫汇 3 个月持有期债券(FOF)	混合型基金中基金	0.00	5,000	新发认购
1188	2913364	中证汇添富鑫汇 3 个月持有期债券(FOF)	混合型基金中基金	0.00	5,000	新发认购
1189	2913367	中证汇添富鑫汇 3 个月持有期债券(FOF)	混合型基金中基金	0.00	5,000	新发认购
1190	2913370	中证汇添富鑫汇 3 个月持有期债券(FOF)	混合型基金中基金	0.00	5,000	新发认购
1191	2913373	中证汇添富鑫汇 3 个月持有期债券(FOF)	混合型基金中基金	0.00	5,000	新发认购
1192	2913376	中证汇添富鑫汇 3 个月持有期债券(FOF)	混合型基金中基金	0.00	5,000	新发认购
1193	2913379	中证汇添富鑫汇 3 个月持有期债券(FOF)	混合型基金中基金	0.00	5,000	新发认购
1194	2913382	中证汇添富鑫汇 3 个月持有期债券(FOF)	混合型基金中基金	0.00	5,000	新发认购
1195	2913385	中证汇添富鑫汇 3 个月持有期债券(FOF)	混合型基金中基金	0.00	5,000	新发认购
1196	2913388	中证汇添富鑫汇 3 个月持有期债券(FOF)	混合型基金中基金	0.00	5,000	新发认购
1197	2913391	中证汇添富鑫汇 3 个月持有期债券(FOF)	混合型基金中基金	0.00	5,000	新发认购
1198	2913394	中证汇添富鑫汇 3 个月持有期债券(FOF)	混合型基金中基金	0.00	5,000	新发认购
1199	2913397	中证汇添富鑫汇 3 个月持有期债券(FOF)	混合型基金中基金	0.00	5,000	新发认购
1200	2913400	中证汇添富鑫汇 3 个月持有期债券(FOF)	混合型基金中基金	0.00	5,000	新发认购
1201	2913403	中证汇添富鑫汇 3 个月持有期债券(FOF)	混合型基金中基金	0.00	5,000	新发认购
1202	2913406	中证汇添富鑫汇 3 个月持有期债券(FOF)	混合型基金中基金	0.00	5,000	新发认购
1203	2913409	中证汇添富鑫汇 3 个月持有期债券(FOF)	混合型基金中基金	0.00	5,000	新发认购
1204	2913412	中证汇添富鑫汇 3 个月持有期债券(FOF)	混合型基金中基金	0.00	5,000	新发认购
1205	2913415	中证汇添富鑫汇 3 个月持有期债券(FOF)	混合型基金中基金	0.00	5,000	新发认购
1206	2913418	中证汇添富鑫汇 3 个月持有期债券(FOF)	混合型基金中基金	0.00	5,000	新发认购
1207	2913421	中证汇添富鑫汇 3 个月持有期债券(FOF)	混合型基金中基金	0.00	5,000	新发认购
1208	2913424	中证汇添富鑫汇 3 个月持有期债券(FOF)	混合型基金中基金	0.00	5,000	新发认购
1209	2913427	中证汇添富鑫汇 3 个月持有期债券(FOF)	混合型基金中基金	0.00	5,000	新发认购
1210	2913430	中证汇添富鑫汇 3 个月持有期债券(FOF)	混合型基金中基金	0.00	5,000	新发认购
1211	2913433	中证汇添富鑫汇 3 个月持有期债券(FOF)	混合型基金中基金	0.00	5,000	新发认购
1212	2913436	中证汇添富鑫汇 3 个月持有期债券(FOF)	混合型基金中基金	0.00	5,000	新发认购
1213	2913439	中证汇添富鑫汇 3 个月持有期债券(FOF)	混合型基金中基金	0.00	5,000	新发认购
1214	2913442	中证汇添富鑫汇 3 个月持有期债券(FOF)	混合型基金中基金	0.00	5,000	新发认购
1215	2913445	中证汇添富鑫汇 3 个月持有期债券(FOF)	混合型基金中基金	0.00	5,000	新发认购
1216	2913448	中证汇添富鑫汇 3 个月持有期债券(FOF)	混合型基金中基金	0.00	5,000	新发认购
1217	2913451	中证汇添富鑫汇 3 个月持有期债券(FOF)	混合型基金中基金	0.00	5,000	新发认购
1218	2913454	中证汇添富鑫汇 3 个月持有期债券(FOF)	混合型基金中基金	0.00	5,000	新发认购
1219	2913457	中证汇添富鑫汇 3 个月持有期债券(FOF)	混合型基金中基金	0.00	5,000	新发认购
1220	2913460	中证汇添富鑫汇 3 个月持有期债券(FOF)	混合型基金中基金	0.00	5,000	新发认购
1221	2913463	中证汇添富鑫汇 3 个月持有期债券(FOF)	混合型基金中基金	0.00	5,000	新发认购
1222	2913466	中证汇添富鑫汇 3 个月持有期债券(FOF)	混合型基金中基金	0.00	5,000	新发认购
1223	2913469	中证汇添富鑫汇 3 个月持有期债券(FOF)	混合型基金中基金	0.00	5,000	新发认购
1224	2913472	中证汇添富鑫汇 3 个月持有期债券(FOF)	混合型基金中基金	0.00	5,000	新发认购
1225	2913475	中证汇添富鑫汇 3 个月持有期债券(FOF)	混合型基金中基金	0.00	5,000	新发认购
1226	2913478	中证汇添富鑫汇 3 个月持有期债券(FOF)	混合型基金中基金	0.00	5,000	新发认购
1227	2913481	中证汇添富鑫汇 3 个月持有期债券(FOF)	混合型基金中基金	0.00	5,000	新发认购
1228	2913484	中证汇添富鑫汇 3 个月持有期债券(FOF)	混合型基金中基金	0.00	5,000	新发认购
1229	2913487	中证汇添富鑫汇 3 个月持有期债券(FOF)	混合型基金中基金	0.00	5,000	新发认购
1230	2913490	中证汇添富鑫汇 3 个月持有期债券(FOF)	混合型基金中基金	0.00	5,000	新发认购
1231	2913493	中证汇添富鑫汇 3 个月持有期债券(FOF)	混合型基金中基金	0.00	5,000	新发认购
1232	2913496	中证汇添富鑫汇 3 个月持有期债券(FOF)	混合型基金中基金	0.00	5,000	新发认购
1233	2913499	中证汇添富鑫汇 3 个月持有期债券(FOF)	混合型基金中基金	0.00	5,000	新发认购
1234	2913502	中证汇添富鑫汇 3 个月持有期债券(FOF)	混合型基金中基金	0.00	5,000	新发认购
1235	2913505	中证汇添富鑫汇 3 个月持有期债券(FOF)	混合型基金中基金	0.00	5,000	新发认购
1236	2913508	中证汇添富鑫汇 3 个月持有期债券(FOF)	混合型基金中基金	0.00	5,000	新发认购
1237	2913511	中证汇添富鑫汇 3 个月持有期债券(FOF)	混合型基金中基金	0.00	5,000	新发认购
1238	2913514	中证汇添富鑫汇 3 个月持有期债券(FOF)	混合型基金中基金	0.00	5,000	新发认购
1239	2913517	中证汇添富鑫汇 3 个月持有期债券(FOF)	混合型基金中基金	0.00	5,000	新发认购
1240	2913520	中证汇添富鑫汇 3 个月持有期债券(FOF)	混合型基金中基金	0.00	5,000	新发认购
1241	2913523	中证汇添富鑫汇 3 个月持有期债券(FOF)	混合型基金中基金	0.00	5,000	新发认购
汇添富基金管理股份有限公司
2025 年 11 月 1 日
